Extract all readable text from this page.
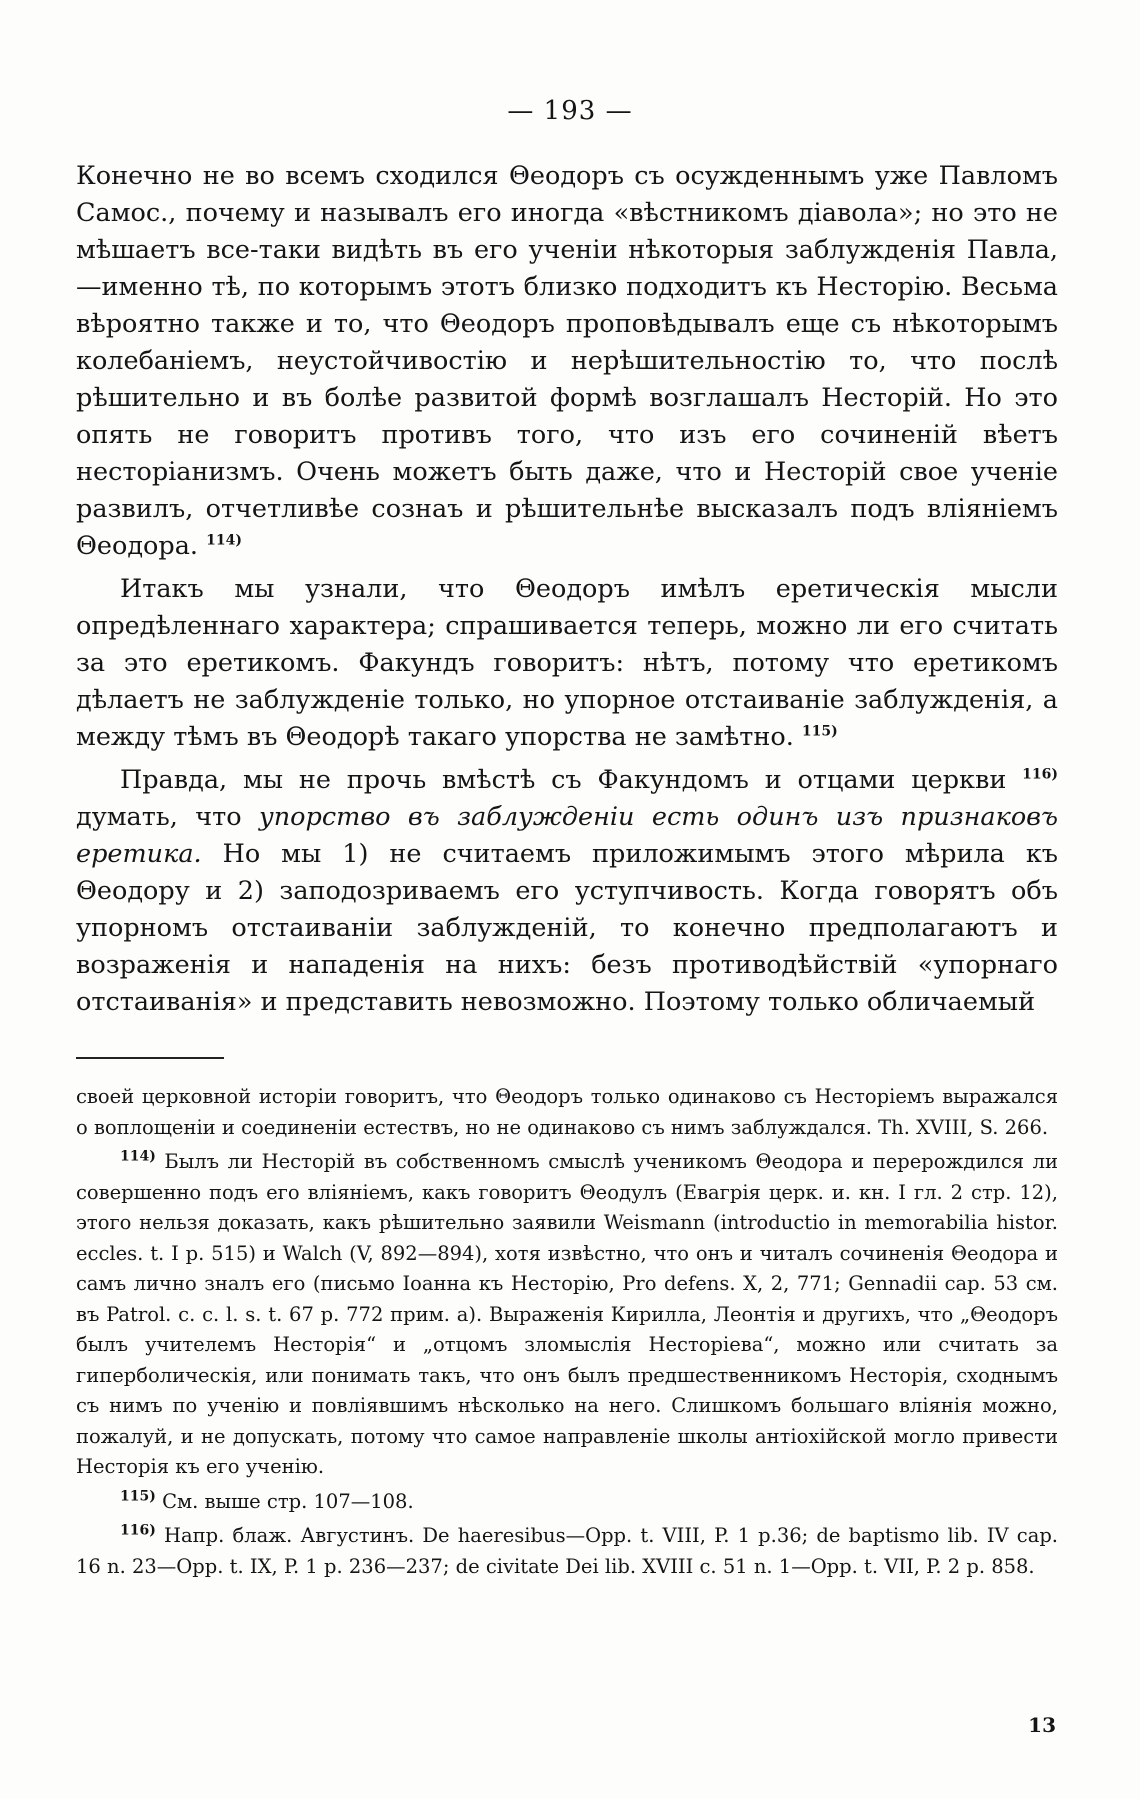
— 193 —

Конечно не во всемъ сходился Θеодоръ съ осужденнымъ уже Павломъ Самос., почему и называлъ его иногда «вѣстникомъ діавола»; но это не мѣшаетъ все-таки видѣть въ его ученіи нѣкоторыя заблужденія Павла,—именно тѣ, по которымъ этотъ близко подходитъ къ Несторію. Весьма вѣроятно также и то, что Θеодоръ проповѣдывалъ еще съ нѣкоторымъ колебаніемъ, неустойчивостію и нерѣшительностію то, что послѣ рѣшительно и въ болѣе развитой формѣ возглашалъ Несторій. Но это опять не говоритъ противъ того, что изъ его сочиненій вѣетъ несторіанизмъ. Очень можетъ быть даже, что и Несторій свое ученіе развилъ, отчетливѣе сознаъ и рѣшительнѣе высказалъ подъ вліяніемъ Θеодора. $^{114)}$

Итакъ мы узнали, что Θеодоръ имѣлъ еретическія мысли опредѣленнаго характера; спрашивается теперь, можно ли его считать за это еретикомъ. Факундъ говоритъ: нѣтъ, потому что еретикомъ дѣлаетъ не заблужденіе только, но упорное отстаиваніе заблужденія, а между тѣмъ въ Θеодорѣ такаго упорства не замѣтно. $^{115)}$

Правда, мы не прочь вмѣстѣ съ Факундомъ и отцами церкви $^{116)}$ думать, что упорство въ заблужденіи есть одинъ изъ признаковъ еретика. Но мы 1) не считаемъ приложимымъ этого мѣрила къ Θеодору и 2) заподозриваемъ его уступчивость. Когда говорятъ объ упорномъ отстаиваніи заблужденій, то конечно предполагаютъ и возраженія и нападенія на нихъ: безъ противодѣйствій «упорнаго отстаиванія» и представить невозможно. Поэтому только обличаемый

своей церковной исторіи говоритъ, что Θеодоръ только одинаково съ Несторіемъ выражался о воплощеніи и соединеніи естествъ, но не одинаково съ нимъ заблуждался. Th. XVIII, S. 266.

$^{114)}$ Былъ ли Несторій въ собственномъ смыслѣ ученикомъ Θеодора и перерождился ли совершенно подъ его вліяніемъ, какъ говоритъ Θеодулъ (Евагрія церк. и. кн. I гл. 2 стр. 12), этого нельзя доказать, какъ рѣшительно заявили Weismann (introductio in memorabilia histor. eccles. t. I p. 515) и Walch (V, 892—894), хотя извѣстно, что онъ и читалъ сочиненія Θеодора и самъ лично зналъ его (письмо Іоанна къ Несторію, Pro defens. X, 2, 771; Gennadii cap. 53 см. въ Patrol. c. c. l. s. t. 67 p. 772 прим. a). Выраженія Кирилла, Леонтія и другихъ, что „Θеодоръ былъ учителемъ Несторія“ и „отцомъ зломыслія Несторіева“, можно или считать за гиперболическія, или понимать такъ, что онъ былъ предшественникомъ Несторія, сходнымъ съ нимъ по ученію и повліявшимъ нѣсколько на него. Слишкомъ большаго вліянія можно, пожалуй, и не допускать, потому что самое направленіе школы антіохійской могло привести Несторія къ его ученію.

$^{115)}$ См. выше стр. 107—108.

$^{116)}$ Напр. блаж. Августинъ. De haeresibus—Opp. t. VIII, P. 1 p.36; de baptismo lib. IV cap. 16 n. 23—Opp. t. IX, P. 1 p. 236—237; de civitate Dei lib. XVIII c. 51 n. 1—Opp. t. VII, P. 2 p. 858.

13
